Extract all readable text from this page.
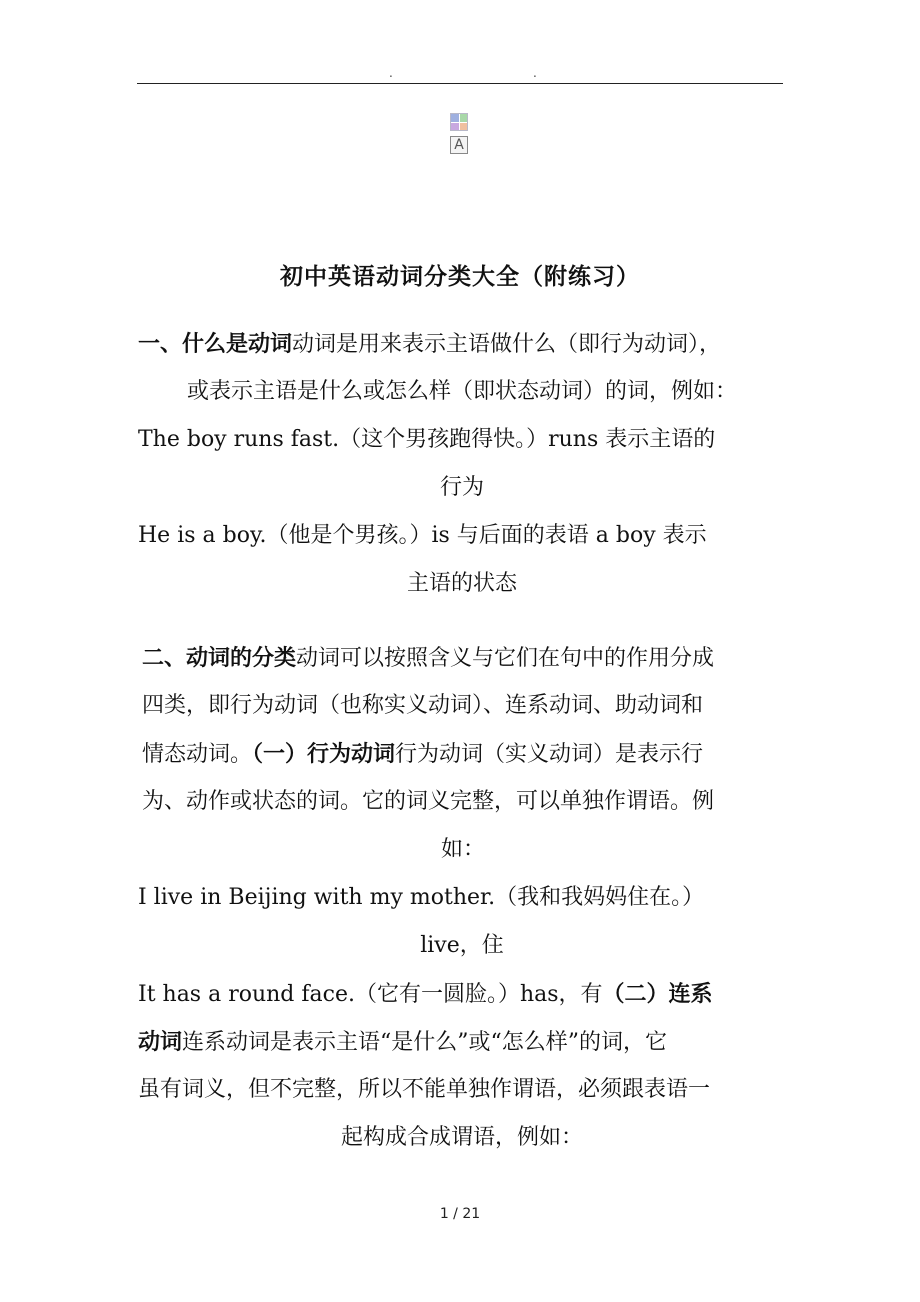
.	.
A
初中英语动词分类大全（附练习）
一、什么是动词动词是用来表示主语做什么（即行为动词），
或表示主语是什么或怎么样（即状态动词）的词，例如：
The boy runs fast.（这个男孩跑得快。）runs 表示主语的
行为
He is a boy.（他是个男孩。）is 与后面的表语 a boy 表示
主语的状态
二、动词的分类动词可以按照含义与它们在句中的作用分成
四类，即行为动词（也称实义动词）、连系动词、助动词和
情态动词。（一）行为动词行为动词（实义动词）是表示行
为、动作或状态的词。它的词义完整，可以单独作谓语。例
如：
I live in Beijing with my mother.（我和我妈妈住在。）
live，住
It has a round face.（它有一圆脸。）has，有（二）连系
动词连系动词是表示主语“是什么”或“怎么样”的词，它
虽有词义，但不完整，所以不能单独作谓语，必须跟表语一
起构成合成谓语，例如：
1 / 21
